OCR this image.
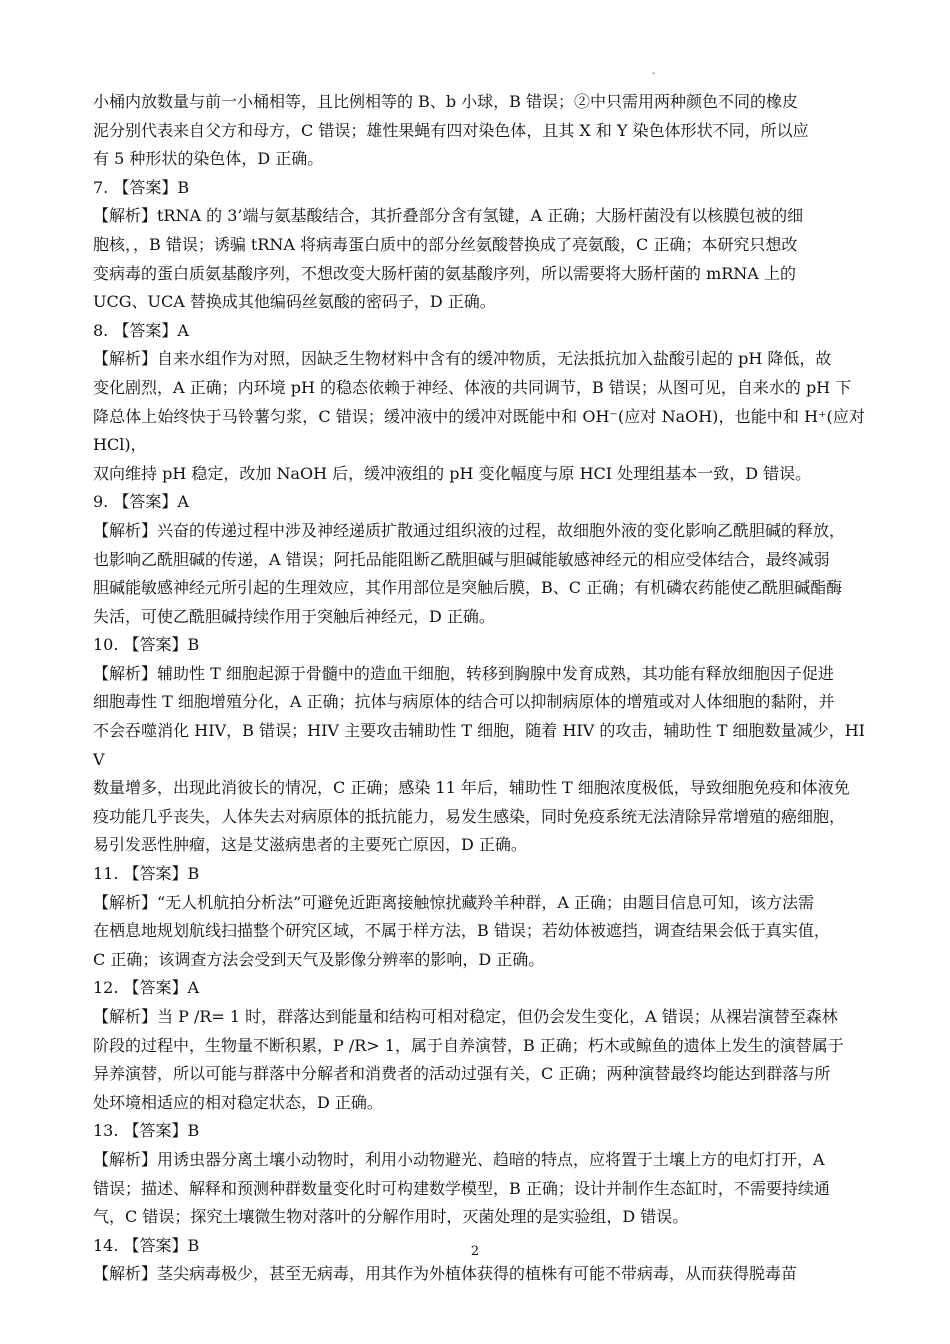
-

小桶内放数量与前一小桶相等，且比例相等的 B、b 小球，B 错误；②中只需用两种颜色不同的橡皮

泥分别代表来自父方和母方，C 错误；雄性果蝇有四对染色体，且其 X 和 Y 染色体形状不同，所以应

有 5 种形状的染色体，D 正确。

7. 【答案】B

【解析】tRNA 的 3’端与氨基酸结合，其折叠部分含有氢键，A 正确；大肠杆菌没有以核膜包被的细

胞核，，B 错误；诱骗 tRNA 将病毒蛋白质中的部分丝氨酸替换成了亮氨酸，C 正确；本研究只想改

变病毒的蛋白质氨基酸序列，不想改变大肠杆菌的氨基酸序列，所以需要将大肠杆菌的 mRNA 上的

UCG、UCA 替换成其他编码丝氨酸的密码子，D 正确。

8. 【答案】A

【解析】自来水组作为对照，因缺乏生物材料中含有的缓冲物质，无法抵抗加入盐酸引起的 pH 降低，故

变化剧烈，A 正确；内环境 pH 的稳态依赖于神经、体液的共同调节，B 错误；从图可见，自来水的 pH 下

降总体上始终快于马铃薯匀浆，C 错误；缓冲液中的缓冲对既能中和 OH⁻(应对 NaOH)，也能中和 H⁺(应对 HCl)，

双向维持 pH 稳定，改加 NaOH 后，缓冲液组的 pH 变化幅度与原 HCI 处理组基本一致，D 错误。

9. 【答案】A

【解析】兴奋的传递过程中涉及神经递质扩散通过组织液的过程，故细胞外液的变化影响乙酰胆碱的释放，

也影响乙酰胆碱的传递，A 错误；阿托品能阻断乙酰胆碱与胆碱能敏感神经元的相应受体结合，最终减弱

胆碱能敏感神经元所引起的生理效应，其作用部位是突触后膜，B、C 正确；有机磷农药能使乙酰胆碱酯酶

失活，可使乙酰胆碱持续作用于突触后神经元，D 正确。

10. 【答案】B

【解析】辅助性 T 细胞起源于骨髓中的造血干细胞，转移到胸腺中发育成熟，其功能有释放细胞因子促进

细胞毒性 T 细胞增殖分化，A 正确；抗体与病原体的结合可以抑制病原体的增殖或对人体细胞的黏附，并

不会吞噬消化 HIV，B 错误；HIV 主要攻击辅助性 T 细胞，随着 HIV 的攻击，辅助性 T 细胞数量减少，HIV

数量增多，出现此消彼长的情况，C 正确；感染 11 年后，辅助性 T 细胞浓度极低，导致细胞免疫和体液免

疫功能几乎丧失，人体失去对病原体的抵抗能力，易发生感染，同时免疫系统无法清除异常增殖的癌细胞，

易引发恶性肿瘤，这是艾滋病患者的主要死亡原因，D 正确。

11. 【答案】B

【解析】“无人机航拍分析法”可避免近距离接触惊扰藏羚羊种群，A 正确；由题目信息可知，该方法需

在栖息地规划航线扫描整个研究区域，不属于样方法，B 错误；若幼体被遮挡，调查结果会低于真实值，

C 正确；该调查方法会受到天气及影像分辨率的影响，D 正确。

12. 【答案】A

【解析】当 P /R= 1 时，群落达到能量和结构可相对稳定，但仍会发生变化，A 错误；从裸岩演替至森林

阶段的过程中，生物量不断积累，P /R> 1，属于自养演替，B 正确；朽木或鲸鱼的遗体上发生的演替属于

异养演替，所以可能与群落中分解者和消费者的活动过强有关，C 正确；两种演替最终均能达到群落与所

处环境相适应的相对稳定状态，D 正确。

13. 【答案】B

【解析】用诱虫器分离土壤小动物时，利用小动物避光、趋暗的特点，应将置于土壤上方的电灯打开，A

错误；描述、解释和预测种群数量变化时可构建数学模型，B 正确；设计并制作生态缸时，不需要持续通

气，C 错误；探究土壤微生物对落叶的分解作用时，灭菌处理的是实验组，D 错误。

14. 【答案】B

【解析】茎尖病毒极少，甚至无病毒，用其作为外植体获得的植株有可能不带病毒，从而获得脱毒苗

2
